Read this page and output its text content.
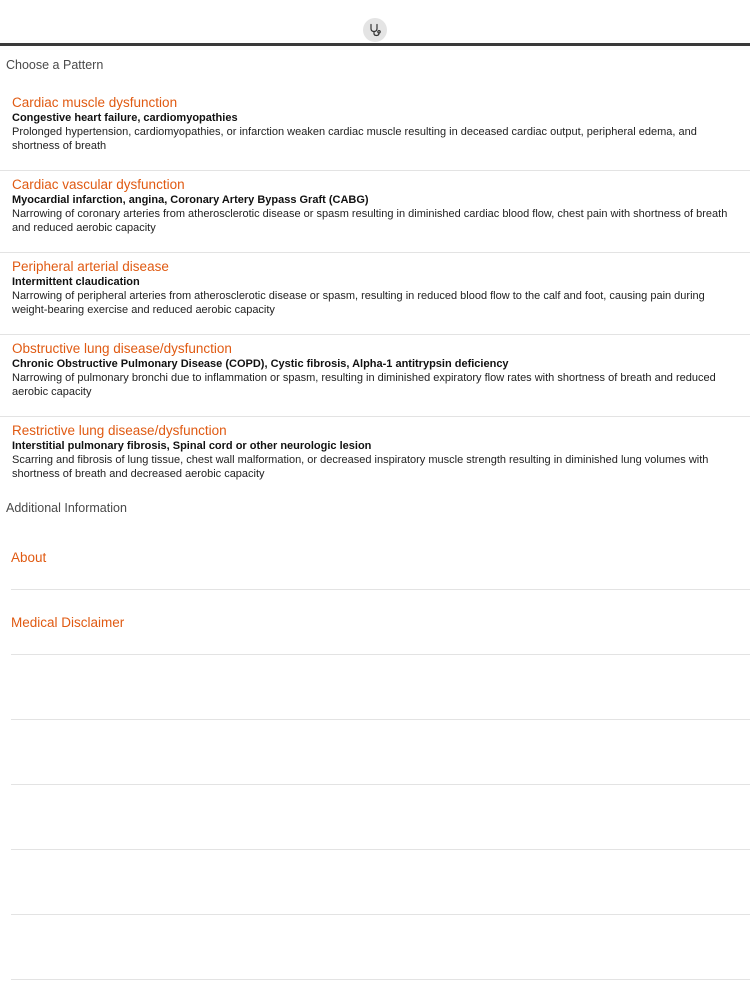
Choose a Pattern
Cardiac muscle dysfunction
Congestive heart failure, cardiomyopathies
Prolonged hypertension, cardiomyopathies, or infarction weaken cardiac muscle resulting in deceased cardiac output, peripheral edema, and shortness of breath
Cardiac vascular dysfunction
Myocardial infarction, angina, Coronary Artery Bypass Graft (CABG)
Narrowing of coronary arteries from atherosclerotic disease or spasm resulting in diminished cardiac blood flow, chest pain with shortness of breath and reduced aerobic capacity
Peripheral arterial disease
Intermittent claudication
Narrowing of peripheral arteries from atherosclerotic disease or spasm, resulting in reduced blood flow to the calf and foot, causing pain during weight-bearing exercise and reduced aerobic capacity
Obstructive lung disease/dysfunction
Chronic Obstructive Pulmonary Disease (COPD), Cystic fibrosis, Alpha-1 antitrypsin deficiency
Narrowing of pulmonary bronchi due to inflammation or spasm, resulting in diminished expiratory flow rates with shortness of breath and reduced aerobic capacity
Restrictive lung disease/dysfunction
Interstitial pulmonary fibrosis, Spinal cord or other neurologic lesion
Scarring and fibrosis of lung tissue, chest wall malformation, or decreased inspiratory muscle strength resulting in diminished lung volumes with shortness of breath and decreased aerobic capacity
Additional Information
About
Medical Disclaimer
